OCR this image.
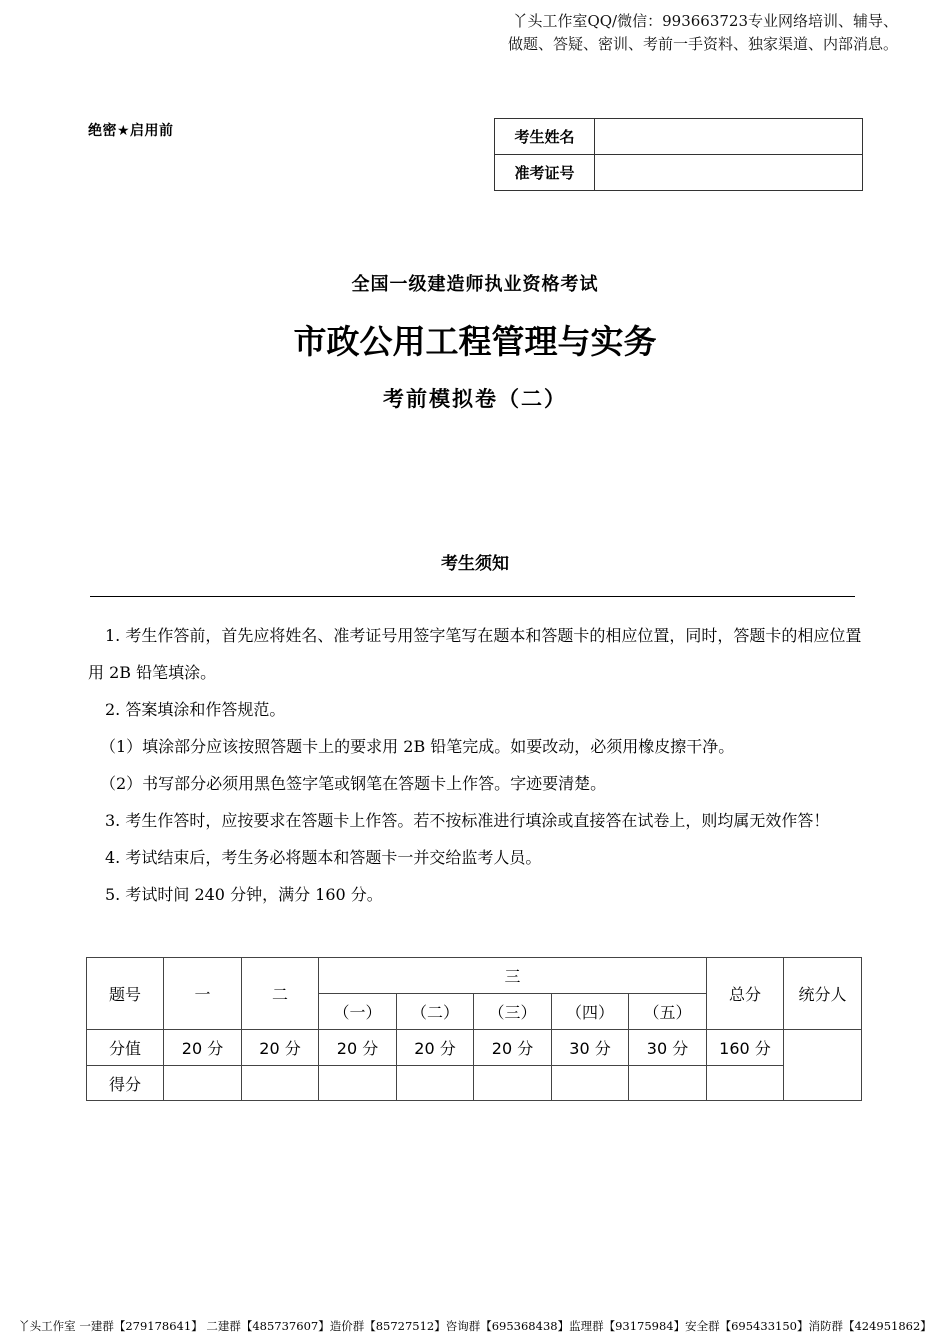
丫头工作室QQ/微信：993663723专业网络培训、辅导、
做题、答疑、密训、考前一手资料、独家渠道、内部消息。
绝密★启用前	考生姓名	
准考证号	
全国一级建造师执业资格考试
市政公用工程管理与实务
考前模拟卷（二）
考生须知

1. 考生作答前，首先应将姓名、准考证号用签字笔写在题本和答题卡的相应位置，同时，答题卡的相应位置用 2B 铅笔填涂。

2. 答案填涂和作答规范。

（1）填涂部分应该按照答题卡上的要求用 2B 铅笔完成。如要改动，必须用橡皮擦干净。

（2）书写部分必须用黑色签字笔或钢笔在答题卡上作答。字迹要清楚。

3. 考生作答时，应按要求在答题卡上作答。若不按标准进行填涂或直接答在试卷上，则均属无效作答！

4. 考试结束后，考生务必将题本和答题卡一并交给监考人员。

5. 考试时间 240 分钟，满分 160 分。

题号	一	二	三					总分	统分人
			（一）	（二）	（三）	（四）	（五）		
分值	20 分	20 分	20 分	20 分	20 分	30 分	30 分	160 分	
得分									
丫头工作室 一建群【279178641】 二建群【485737607】造价群【85727512】咨询群【695368438】监理群【93175984】安全群【695433150】消防群【424951862】
